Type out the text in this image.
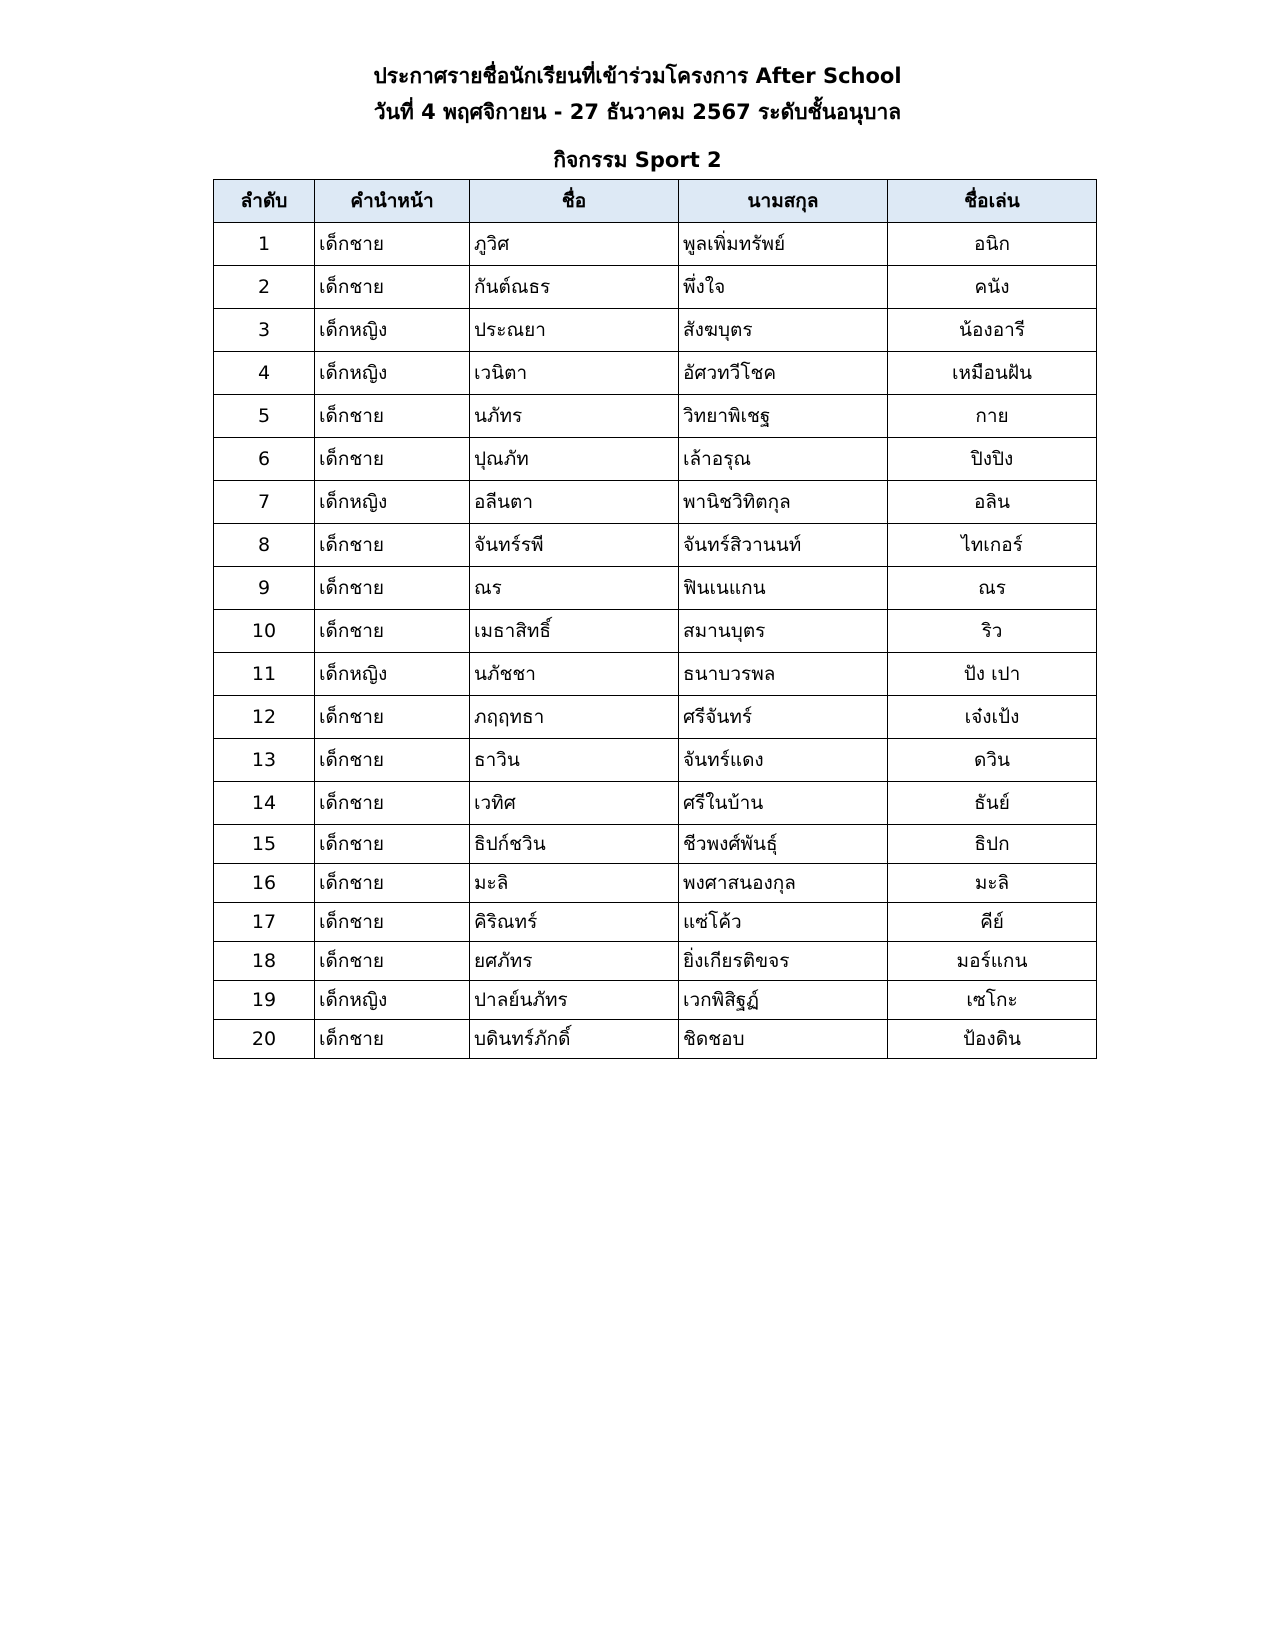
ประกาศรายชื่อนักเรียนที่เข้าร่วมโครงการ After School
วันที่ 4 พฤศจิกายน - 27 ธันวาคม 2567 ระดับชั้นอนุบาล
กิจกรรม Sport 2
ลำดับ	คำนำหน้า	ชื่อ	นามสกุล	ชื่อเล่น
1	เด็กชาย	ภูวิศ	พูลเพิ่มทรัพย์	อนิก
2	เด็กชาย	กันต์ณธร	พึ่งใจ	คนัง
3	เด็กหญิง	ประณยา	สังฆบุตร	น้องอารี
4	เด็กหญิง	เวนิตา	อัศวทวีโชค	เหมือนฝัน
5	เด็กชาย	นภัทร	วิทยาพิเชฐ	กาย
6	เด็กชาย	ปุณภัท	เล้าอรุณ	ปิงปิง
7	เด็กหญิง	อลีนตา	พานิชวิทิตกุล	อลิน
8	เด็กชาย	จันทร์รพี	จันทร์สิวานนท์	ไทเกอร์
9	เด็กชาย	ณร	ฟินเนแกน	ณร
10	เด็กชาย	เมธาสิทธิ์	สมานบุตร	ริว
11	เด็กหญิง	นภัชชา	ธนาบวรพล	ปัง เปา
12	เด็กชาย	ภฤฤทธา	ศรีจันทร์	เจ๋งเป้ง
13	เด็กชาย	ธาวิน	จันทร์แดง	ดวิน
14	เด็กชาย	เวทิศ	ศรีในบ้าน	ธันย์
15	เด็กชาย	ธิปก์ชวิน	ชีวพงศ์พันธุ์	ธิปก
16	เด็กชาย	มะลิ	พงศาสนองกุล	มะลิ
17	เด็กชาย	คิริณทร์	แซ่โค้ว	คีย์
18	เด็กชาย	ยศภัทร	ยิ่งเกียรติขจร	มอร์แกน
19	เด็กหญิง	ปาลย์นภัทร	เวกพิสิฐฏ์	เซโกะ
20	เด็กชาย	บดินทร์ภักดิ์	ชิดชอบ	ป้องดิน
